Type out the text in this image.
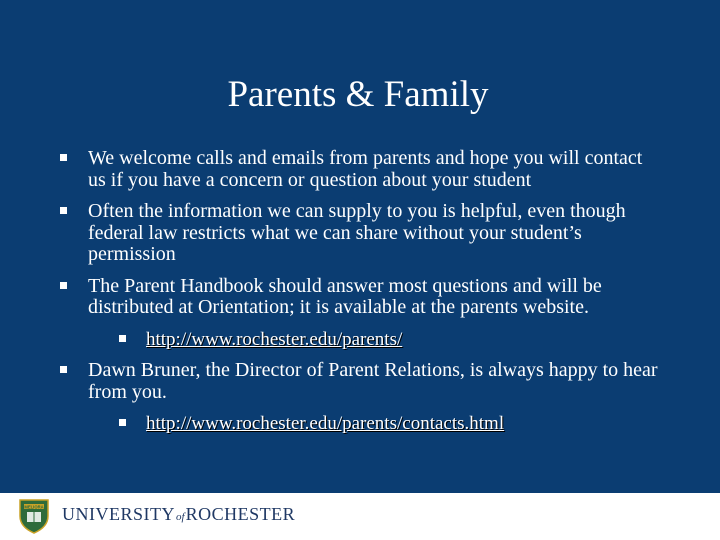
Parents & Family
We welcome calls and emails from parents and hope you will contact us if you have a concern or question about your student
Often the information we can supply to you is helpful, even though federal law restricts what we can share without your student’s permission
The Parent Handbook should answer most questions and will be distributed at Orientation; it is available at the parents website.
http://www.rochester.edu/parents/
Dawn Bruner, the Director of Parent Relations, is always happy to hear from you.
http://www.rochester.edu/parents/contacts.html
MELIORA UNIVERSITYofROCHESTER
